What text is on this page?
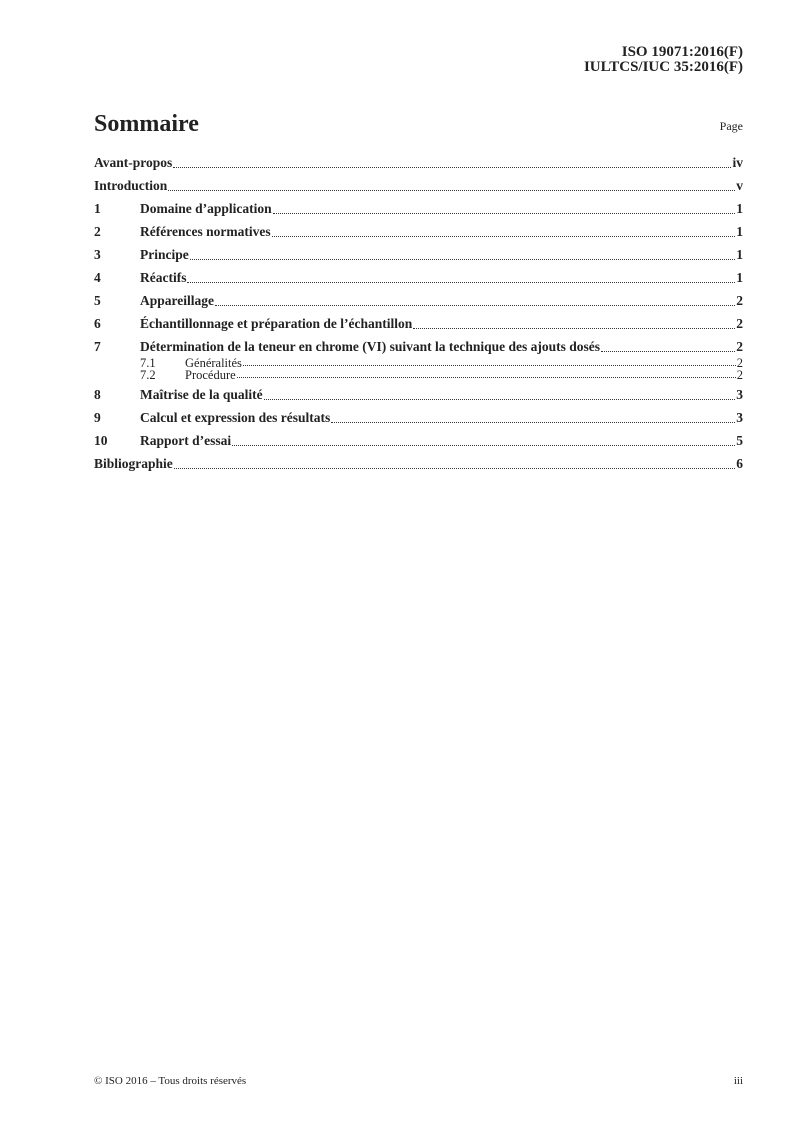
ISO 19071:2016(F)
IULTCS/IUC 35:2016(F)
Sommaire	Page
Avant-propos	iv
Introduction	v
1	Domaine d’application	1
2	Références normatives	1
3	Principe	1
4	Réactifs	1
5	Appareillage	2
6	Échantillonnage et préparation de l’échantillon	2
7	Détermination de la teneur en chrome (VI) suivant la technique des ajouts dosés	2
7.1	Généralités	2
7.2	Procédure	2
8	Maîtrise de la qualité	3
9	Calcul et expression des résultats	3
10	Rapport d’essai	5
Bibliographie	6
© ISO 2016 – Tous droits réservés	iii
